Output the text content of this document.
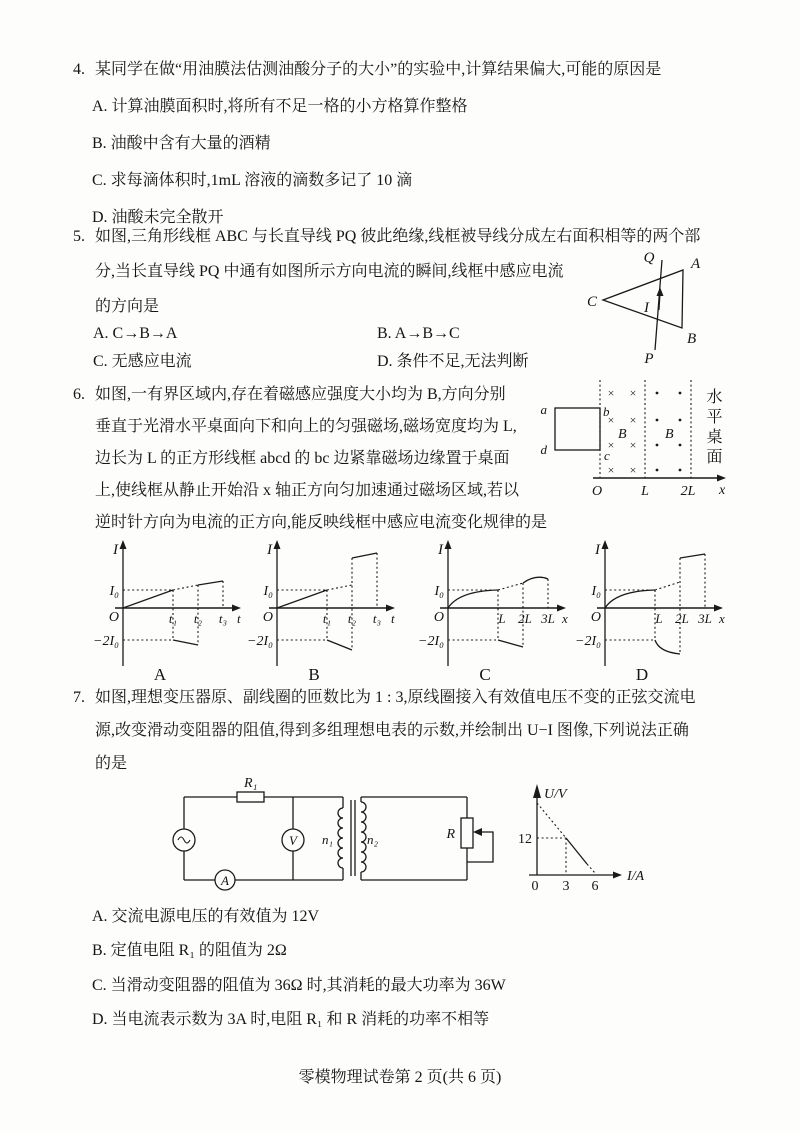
4. 某同学在做“用油膜法估测油酸分子的大小”的实验中,计算结果偏大,可能的原因是
A. 计算油膜面积时,将所有不足一格的小方格算作整格
B. 油酸中含有大量的酒精
C. 求每滴体积时,1mL 溶液的滴数多记了 10 滴
D. 油酸未完全散开
5. 如图,三角形线框 ABC 与长直导线 PQ 彼此绝缘,线框被导线分成左右面积相等的两个部
分,当长直导线 PQ 中通有如图所示方向电流的瞬间,线框中感应电流
的方向是
A. C→B→A	B. A→B→C
C. 无感应电流	D. 条件不足,无法判断
Q
P
A
B
C	I
6. 如图,一有界区域内,存在着磁感应强度大小均为 B,方向分别
垂直于光滑水平桌面向下和向上的匀强磁场,磁场宽度均为 L,
边长为 L 的正方形线框 abcd 的 bc 边紧靠磁场边缘置于桌面
上,使线框从静止开始沿 x 轴正方向匀加速通过磁场区域,若以
逆时针方向为电流的正方向,能反映线框中感应电流变化规律的是
× ×
× ×
× ×
× ×
a
d
b
c
B	B
O	L 2L x
水平桌面
I
I₀
O
−2I₀
t₁ t₂ t₃ t
A
I
I₀
O
−2I₀
t₁ t₂ t₃ t
B
I
I₀
O
−2I₀
L 2L 3L x
C
I
I₀
O
−2I₀
L 2L 3L x
D
7. 如图,理想变压器原、副线圈的匝数比为 1 : 3,原线圈接入有效值电压不变的正弦交流电
源,改变滑动变阻器的阻值,得到多组理想电表的示数,并绘制出 U−I 图像,下列说法正确
的是
R₁
V
A
n₁	n₂	R
U/V
I/A
12
0 3 6
A. 交流电源电压的有效值为 12V
B. 定值电阻 R₁ 的阻值为 2Ω
C. 当滑动变阻器的阻值为 36Ω 时,其消耗的最大功率为 36W
D. 当电流表示数为 3A 时,电阻 R₁ 和 R 消耗的功率不相等
零模物理试卷第 2 页(共 6 页)
